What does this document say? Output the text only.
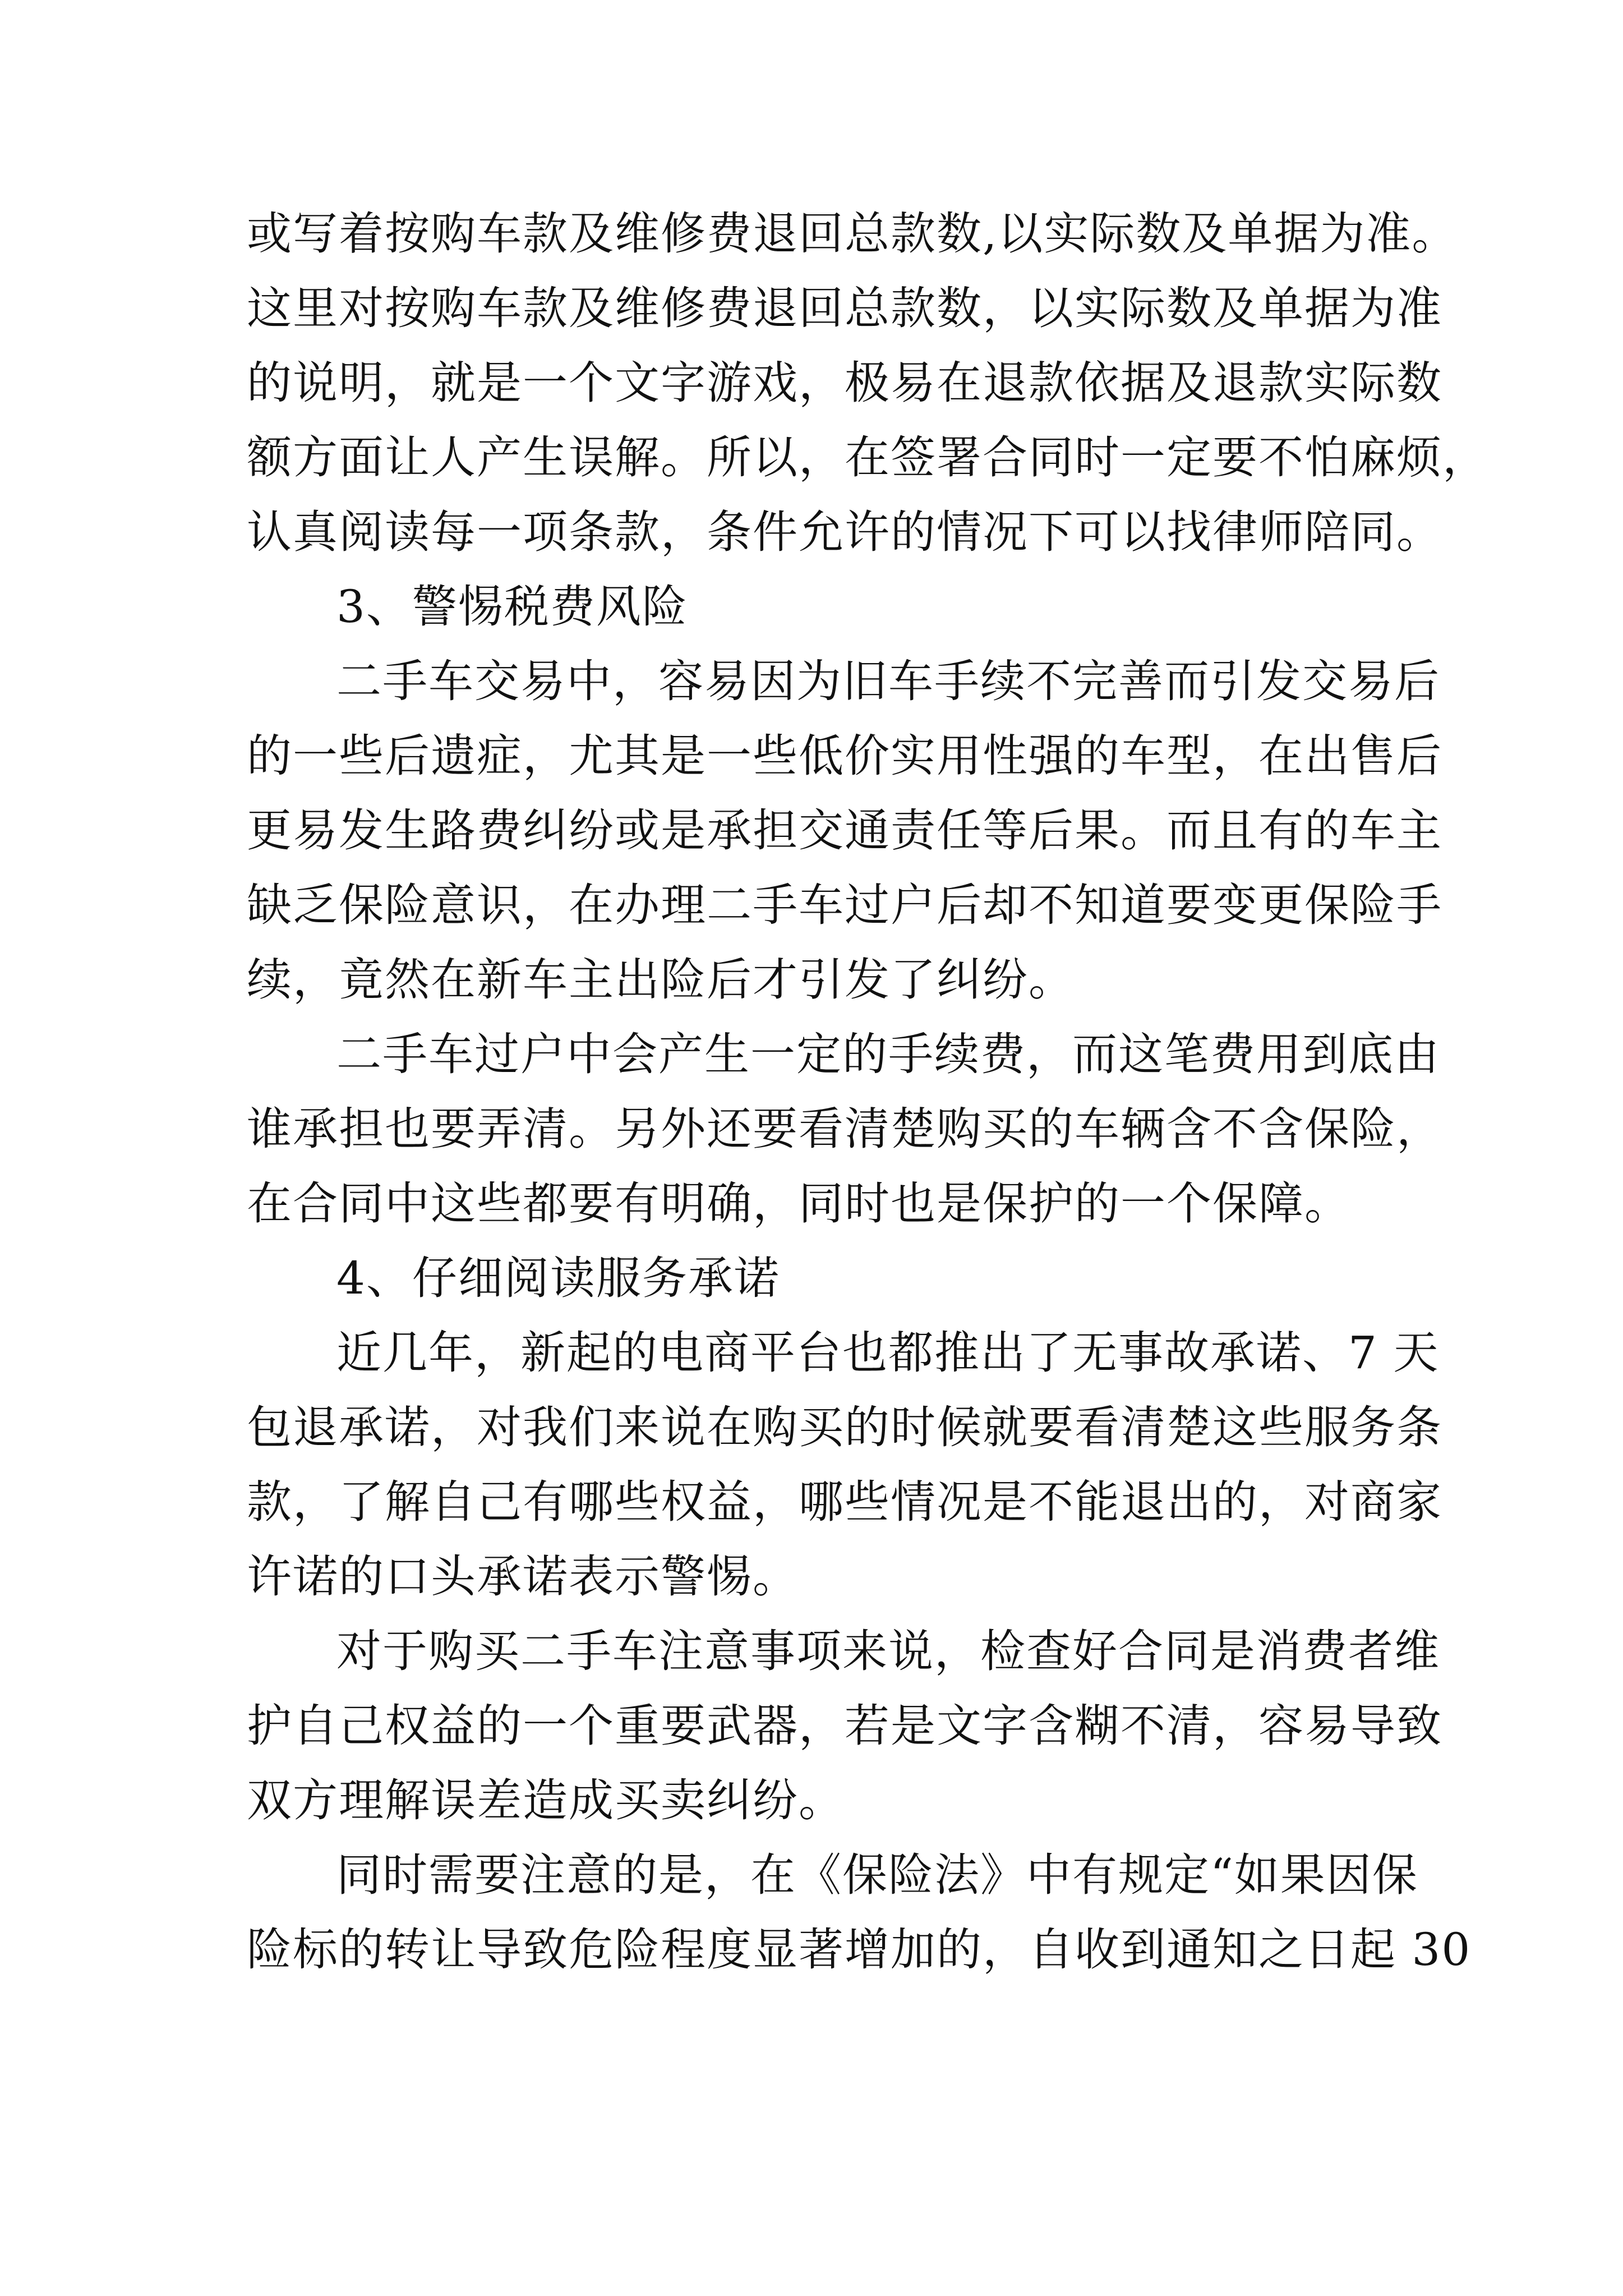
或写着按购车款及维修费退回总款数,以实际数及单据为准。
这里对按购车款及维修费退回总款数，以实际数及单据为准
的说明，就是一个文字游戏，极易在退款依据及退款实际数
额方面让人产生误解。所以，在签署合同时一定要不怕麻烦，
认真阅读每一项条款，条件允许的情况下可以找律师陪同。
3、警惕税费风险
二手车交易中，容易因为旧车手续不完善而引发交易后
的一些后遗症，尤其是一些低价实用性强的车型，在出售后
更易发生路费纠纷或是承担交通责任等后果。而且有的车主
缺乏保险意识，在办理二手车过户后却不知道要变更保险手
续，竟然在新车主出险后才引发了纠纷。
二手车过户中会产生一定的手续费，而这笔费用到底由
谁承担也要弄清。另外还要看清楚购买的车辆含不含保险，
在合同中这些都要有明确，同时也是保护的一个保障。
4、仔细阅读服务承诺
近几年，新起的电商平台也都推出了无事故承诺、7 天
包退承诺，对我们来说在购买的时候就要看清楚这些服务条
款，了解自己有哪些权益，哪些情况是不能退出的，对商家
许诺的口头承诺表示警惕。
对于购买二手车注意事项来说，检查好合同是消费者维
护自己权益的一个重要武器，若是文字含糊不清，容易导致
双方理解误差造成买卖纠纷。
同时需要注意的是，在《保险法》中有规定“如果因保
险标的转让导致危险程度显著增加的，自收到通知之日起 30
